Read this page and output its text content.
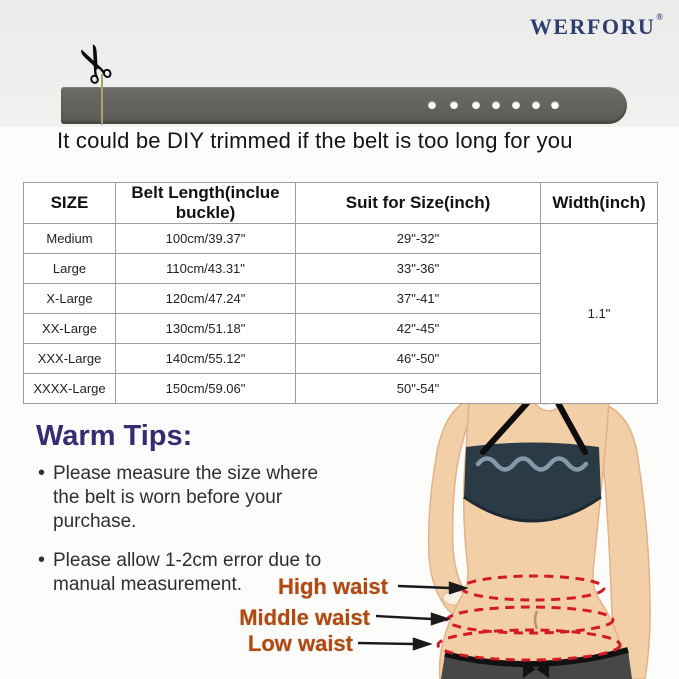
WERFORU®
✂
It could be DIY trimmed if the belt is too long for you
SIZE	Belt Length(inclue buckle)	Suit for Size(inch)	Width(inch)
Medium	100cm/39.37"	29"-32"	1.1"
Large	110cm/43.31"	33"-36"	
X-Large	120cm/47.24"	37"-41"	
XX-Large	130cm/51.18"	42"-45"	
XXX-Large	140cm/55.12"	46"-50"	
XXXX-Large	150cm/59.06"	50"-54"	
Warm Tips:
• Please measure the size where the belt is worn before your purchase.
• Please allow 1-2cm error due to manual measurement.	High waist
Middle waist
Low waist
